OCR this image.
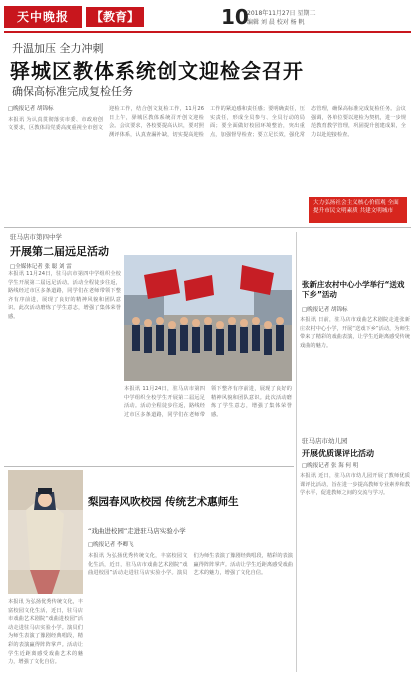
天中晚报	【教育】	10
2018年11月27日 星期二
编辑 刘 晨 校对 杨 帆
升温加压 全力冲刺
驿城区教体系统创文迎检会召开
确保高标准完成复检任务
□晚报记者 胡锦标
本报讯 为认真贯彻落实市委、市政府创文要求，区教体局党委高度重视全市创文迎检工作，结合创文复检工作，11月26日上午，驿城区教体系统召开创文迎检会。会议要求，各校要提高认识，要对照测评体系，认真查漏补缺，切实提高迎检工作的紧迫感和责任感；要明确责任，压实责任，形成全员参与、全员行动的局面；要全面做好校园环境整治，突出重点，加强督导检查；要立足长效，强化常态管理，确保高标准完成复检任务。会议强调，各单位要以迎检为契机，进一步规范教育教学管理，巩固提升创建成果，全力以赴迎接检查。
大力弘扬社会主义核心价值观 全面提升市民文明素质 共建文明城市
驻马店市第四中学
开展第二届远足活动
□全媒体记者 张 聪 刘 雷
本报讯 11月24日，驻马店市第四中学组织全校学生开展第二届远足活动。活动全程徒步往返，路线经过市区多条道路，同学们在老师带领下整齐有序前进，展现了良好的精神风貌和团队意识。此次活动磨炼了学生意志，增强了集体荣誉感。
本报讯 11月24日，驻马店市第四中学组织全校学生开展第二届远足活动。活动全程徒步往返，路线经过市区多条道路，同学们在老师带领下整齐有序前进，展现了良好的精神风貌和团队意识。此次活动磨炼了学生意志，增强了集体荣誉感。
张新庄农村中心小学举行“送戏下乡”活动
□晚报记者 胡锦标
本报讯 日前，驻马店市戏曲艺术剧院走进张新庄农村中心小学，开展“送戏下乡”活动，为师生带来了精彩的戏曲表演，让学生近距离感受传统戏曲的魅力。
驻马店市幼儿园
开展优质课评比活动
□晚报记者 张 海 何 明
本报讯 近日，驻马店市幼儿园开展了教师优质课评比活动，旨在进一步提高教师专业素养和教学水平，促进教师之间的交流与学习。
梨园春风吹校园 传统艺术惠师生
“戏曲进校园”走进驻马店实验小学
□晚报记者 李卿飞
本报讯 为弘扬优秀传统文化，丰富校园文化生活，近日，驻马店市戏曲艺术剧院“戏曲进校园”活动走进驻马店实验小学。演员们为师生表演了豫剧经典唱段，精彩的表演赢得阵阵掌声。活动让学生近距离感受戏曲艺术的魅力，增强了文化自信。
本报讯 为弘扬优秀传统文化，丰富校园文化生活，近日，驻马店市戏曲艺术剧院“戏曲进校园”活动走进驻马店实验小学。演员们为师生表演了豫剧经典唱段，精彩的表演赢得阵阵掌声。活动让学生近距离感受戏曲艺术的魅力，增强了文化自信。
